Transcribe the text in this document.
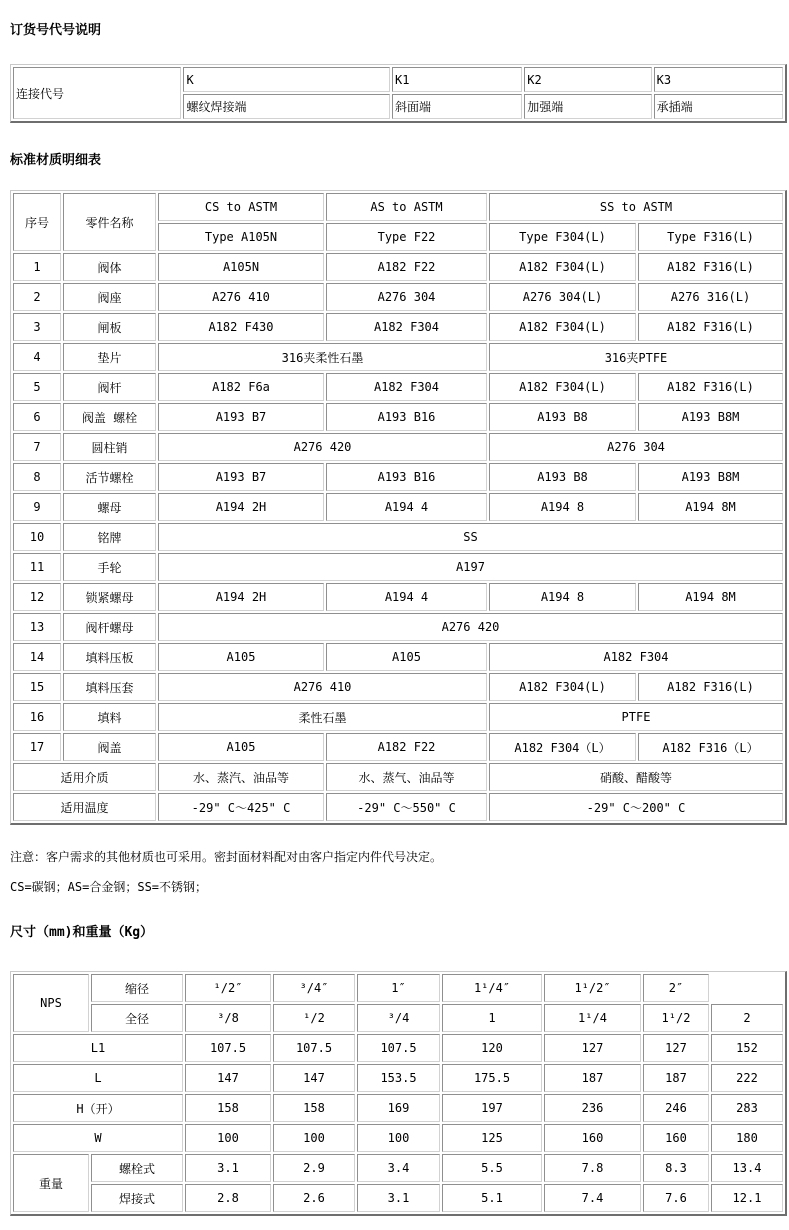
订货号代号说明
连接代号	K	K1	K2	K3
	螺纹焊接端	斜面端	加强端	承插端
标准材质明细表
序号	零件名称	CS to ASTM	AS to ASTM	SS to ASTM	
		Type A105N	Type F22	Type F304(L)	Type F316(L)
1	阀体	A105N	A182 F22	A182 F304(L)	A182 F316(L)
2	阀座	A276 410	A276 304	A276 304(L)	A276 316(L)
3	闸板	A182 F430	A182 F304	A182 F304(L)	A182 F316(L)
4	垫片	316夹柔性石墨		316夹PTFE	
5	阀杆	A182 F6a	A182 F304	A182 F304(L)	A182 F316(L)
6	阀盖 螺栓	A193 B7	A193 B16	A193 B8	A193 B8M
7	圆柱销	A276 420		A276 304	
8	活节螺栓	A193 B7	A193 B16	A193 B8	A193 B8M
9	螺母	A194 2H	A194 4	A194 8	A194 8M
10	铭牌	SS			
11	手轮	A197			
12	锁紧螺母	A194 2H	A194 4	A194 8	A194 8M
13	阀杆螺母	A276 420			
14	填料压板	A105	A105	A182 F304	
15	填料压套	A276 410		A182 F304(L)	A182 F316(L)
16	填料	柔性石墨		PTFE	
17	阀盖	A105	A182 F22	A182 F304（L）	A182 F316（L）
适用介质		水、蒸汽、油品等	水、蒸气、油品等	硝酸、醋酸等	
适用温度		-29" C～425" C	-29" C～550" C	-29" C～200" C	

注意：客户需求的其他材质也可采用。密封面材料配对由客户指定内件代号决定。

CS=碳钢；AS=合金钢；SS=不锈钢；

尺寸（mm)和重量（Kg）
NPS	缩径	¹/2″	³/4″	1″	1¹/4″	1¹/2″	2″	
	全径	³/8	¹/2	³/4	1	1¹/4	1¹/2	2
L1		107.5	107.5	107.5	120	127	127	152
L		147	147	153.5	175.5	187	187	222
H（开）		158	158	169	197	236	246	283
W		100	100	100	125	160	160	180
重量	螺栓式	3.1	2.9	3.4	5.5	7.8	8.3	13.4
	焊接式	2.8	2.6	3.1	5.1	7.4	7.6	12.1
